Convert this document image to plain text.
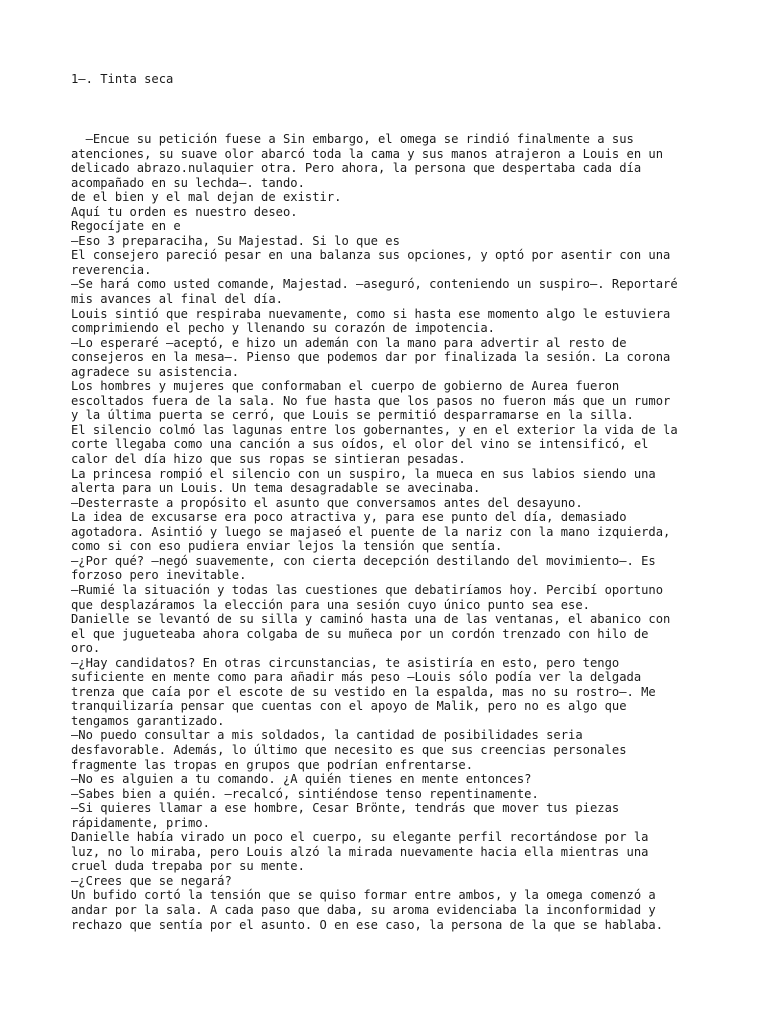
1—. Tinta seca
—Encue su petición fuese a Sin embargo, el omega se rindió finalmente a sus
atenciones, su suave olor abarcó toda la cama y sus manos atrajeron a Louis en un
delicado abrazo.nulaquier otra. Pero ahora, la persona que despertaba cada día
acompañado en su lechda—. tando.
de el bien y el mal dejan de existir.
Aquí tu orden es nuestro deseo.
Regocíjate en e
—Eso 3 preparaciha, Su Majestad. Si lo que es
El consejero pareció pesar en una balanza sus opciones, y optó por asentir con una
reverencia.
—Se hará como usted comande, Majestad. —aseguró, conteniendo un suspiro—. Reportaré
mis avances al final del día.
Louis sintió que respiraba nuevamente, como si hasta ese momento algo le estuviera
comprimiendo el pecho y llenando su corazón de impotencia.
—Lo esperaré —aceptó, e hizo un ademán con la mano para advertir al resto de
consejeros en la mesa—. Pienso que podemos dar por finalizada la sesión. La corona
agradece su asistencia.
Los hombres y mujeres que conformaban el cuerpo de gobierno de Aurea fueron
escoltados fuera de la sala. No fue hasta que los pasos no fueron más que un rumor
y la última puerta se cerró, que Louis se permitió desparramarse en la silla.
El silencio colmó las lagunas entre los gobernantes, y en el exterior la vida de la
corte llegaba como una canción a sus oídos, el olor del vino se intensificó, el
calor del día hizo que sus ropas se sintieran pesadas.
La princesa rompió el silencio con un suspiro, la mueca en sus labios siendo una
alerta para un Louis. Un tema desagradable se avecinaba.
—Desterraste a propósito el asunto que conversamos antes del desayuno.
La idea de excusarse era poco atractiva y, para ese punto del día, demasiado
agotadora. Asintió y luego se majaseó el puente de la nariz con la mano izquierda,
como si con eso pudiera enviar lejos la tensión que sentía.
—¿Por qué? —negó suavemente, con cierta decepción destilando del movimiento—. Es
forzoso pero inevitable.
—Rumié la situación y todas las cuestiones que debatiríamos hoy. Percibí oportuno
que desplazáramos la elección para una sesión cuyo único punto sea ese.
Danielle se levantó de su silla y caminó hasta una de las ventanas, el abanico con
el que jugueteaba ahora colgaba de su muñeca por un cordón trenzado con hilo de
oro.
—¿Hay candidatos? En otras circunstancias, te asistiría en esto, pero tengo
suficiente en mente como para añadir más peso —Louis sólo podía ver la delgada
trenza que caía por el escote de su vestido en la espalda, mas no su rostro—. Me
tranquilizaría pensar que cuentas con el apoyo de Malik, pero no es algo que
tengamos garantizado.
—No puedo consultar a mis soldados, la cantidad de posibilidades seria
desfavorable. Además, lo último que necesito es que sus creencias personales
fragmente las tropas en grupos que podrían enfrentarse.
—No es alguien a tu comando. ¿A quién tienes en mente entonces?
—Sabes bien a quién. —recalcó, sintiéndose tenso repentinamente.
—Si quieres llamar a ese hombre, Cesar Brönte, tendrás que mover tus piezas
rápidamente, primo.
Danielle había virado un poco el cuerpo, su elegante perfil recortándose por la
luz, no lo miraba, pero Louis alzó la mirada nuevamente hacia ella mientras una
cruel duda trepaba por su mente.
—¿Crees que se negará?
Un bufido cortó la tensión que se quiso formar entre ambos, y la omega comenzó a
andar por la sala. A cada paso que daba, su aroma evidenciaba la inconformidad y
rechazo que sentía por el asunto. O en ese caso, la persona de la que se hablaba.
